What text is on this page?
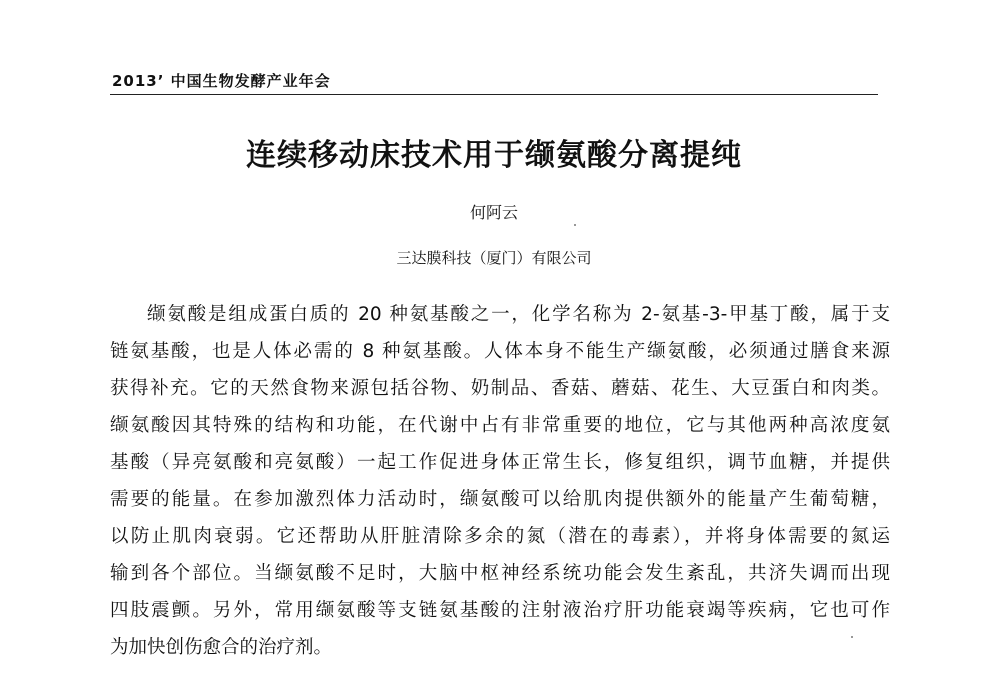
2013’ 中国生物发酵产业年会
连续移动床技术用于缬氨酸分离提纯
何阿云
三达膜科技（厦门）有限公司
缬氨酸是组成蛋白质的 20 种氨基酸之一，化学名称为 2-氨基-3-甲基丁酸，属于支
链氨基酸，也是人体必需的 8 种氨基酸。人体本身不能生产缬氨酸，必须通过膳食来源
获得补充。它的天然食物来源包括谷物、奶制品、香菇、蘑菇、花生、大豆蛋白和肉类。
缬氨酸因其特殊的结构和功能，在代谢中占有非常重要的地位，它与其他两种高浓度氨
基酸（异亮氨酸和亮氨酸）一起工作促进身体正常生长，修复组织，调节血糖，并提供
需要的能量。在参加激烈体力活动时，缬氨酸可以给肌肉提供额外的能量产生葡萄糖，
以防止肌肉衰弱。它还帮助从肝脏清除多余的氮（潜在的毒素），并将身体需要的氮运
输到各个部位。当缬氨酸不足时，大脑中枢神经系统功能会发生紊乱，共济失调而出现
四肢震颤。另外，常用缬氨酸等支链氨基酸的注射液治疗肝功能衰竭等疾病，它也可作
为加快创伤愈合的治疗剂。
